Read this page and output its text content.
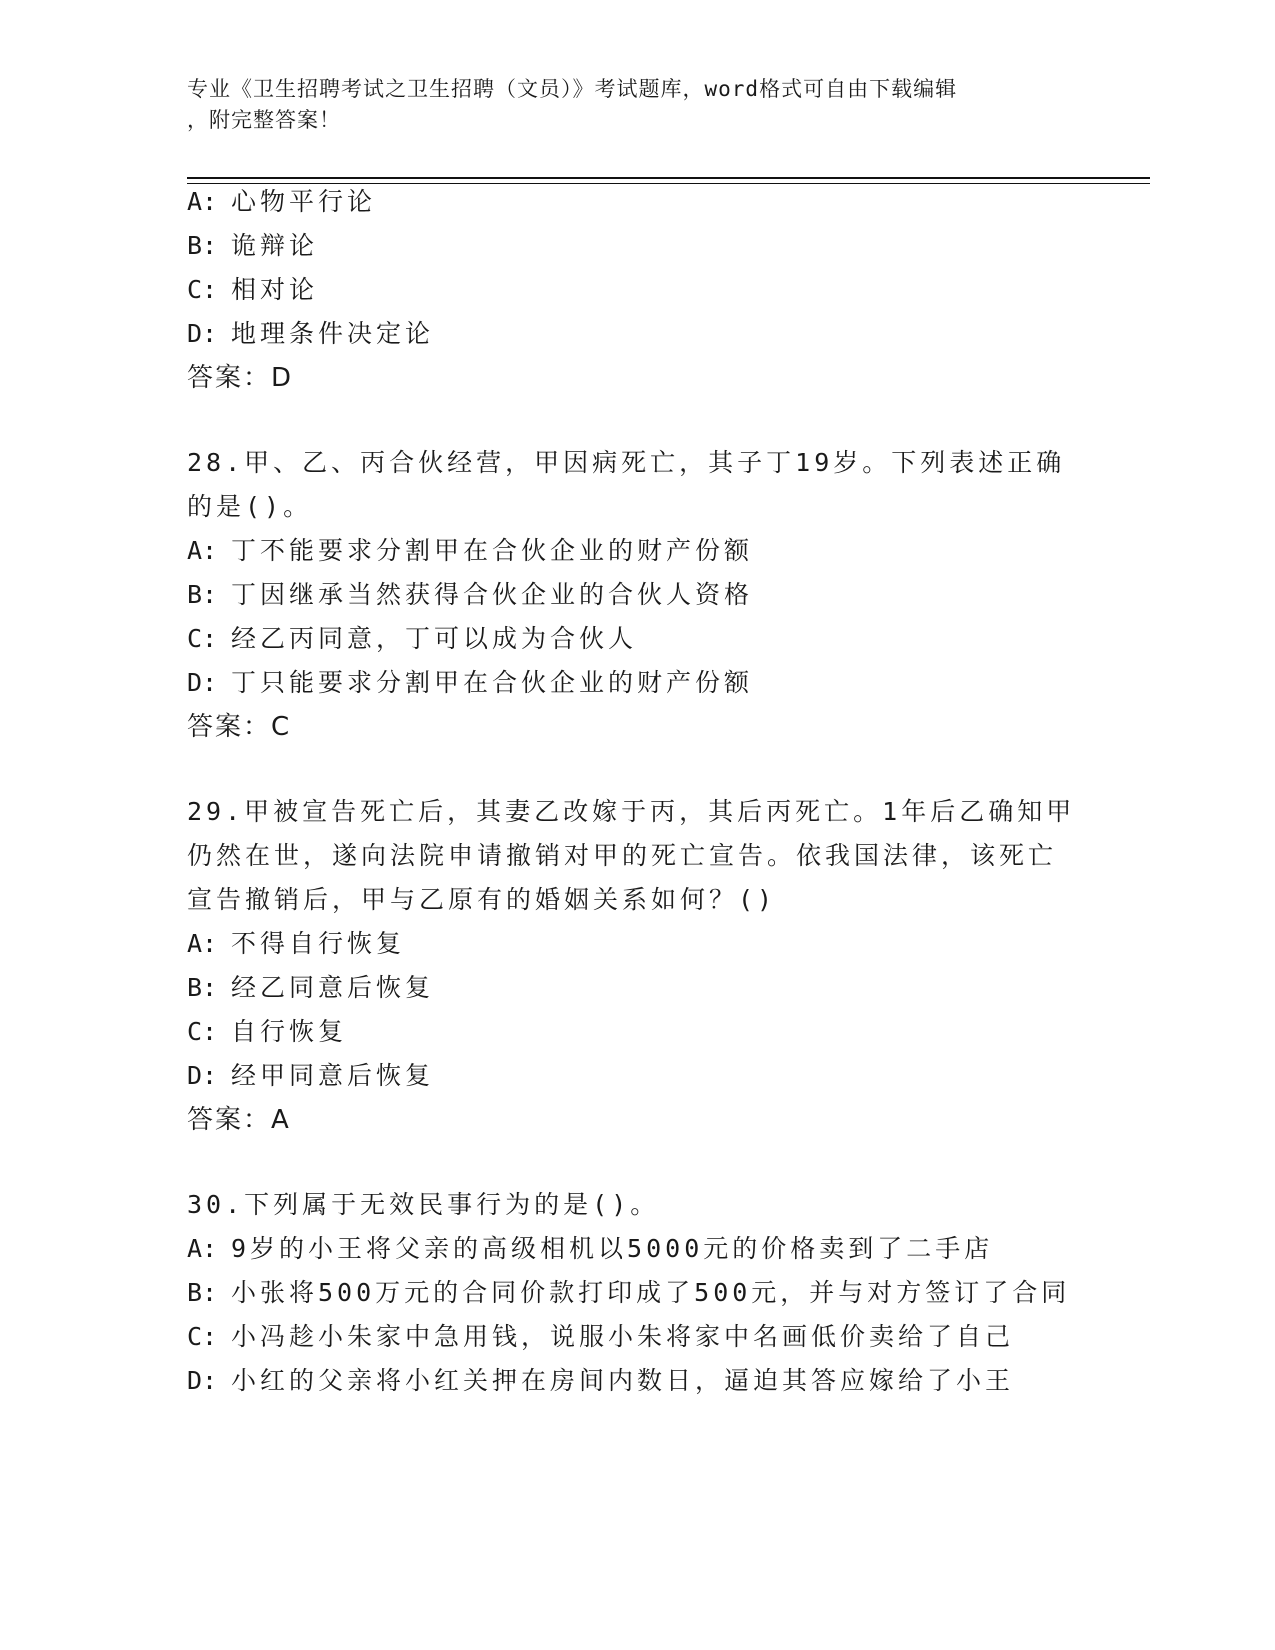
专业《卫生招聘考试之卫生招聘（文员）》考试题库，word格式可自由下载编辑
，附完整答案！
A: 心物平行论
B: 诡辩论
C: 相对论
D: 地理条件决定论
答案：D
28.甲、乙、丙合伙经营，甲因病死亡，其子丁19岁。下列表述正确
的是()。
A: 丁不能要求分割甲在合伙企业的财产份额
B: 丁因继承当然获得合伙企业的合伙人资格
C: 经乙丙同意，丁可以成为合伙人
D: 丁只能要求分割甲在合伙企业的财产份额
答案：C
29.甲被宣告死亡后，其妻乙改嫁于丙，其后丙死亡。1年后乙确知甲
仍然在世，遂向法院申请撤销对甲的死亡宣告。依我国法律，该死亡
宣告撤销后，甲与乙原有的婚姻关系如何？()
A: 不得自行恢复
B: 经乙同意后恢复
C: 自行恢复
D: 经甲同意后恢复
答案：A
30.下列属于无效民事行为的是()。
A: 9岁的小王将父亲的高级相机以5000元的价格卖到了二手店
B: 小张将500万元的合同价款打印成了500元，并与对方签订了合同
C: 小冯趁小朱家中急用钱，说服小朱将家中名画低价卖给了自己
D: 小红的父亲将小红关押在房间内数日，逼迫其答应嫁给了小王
